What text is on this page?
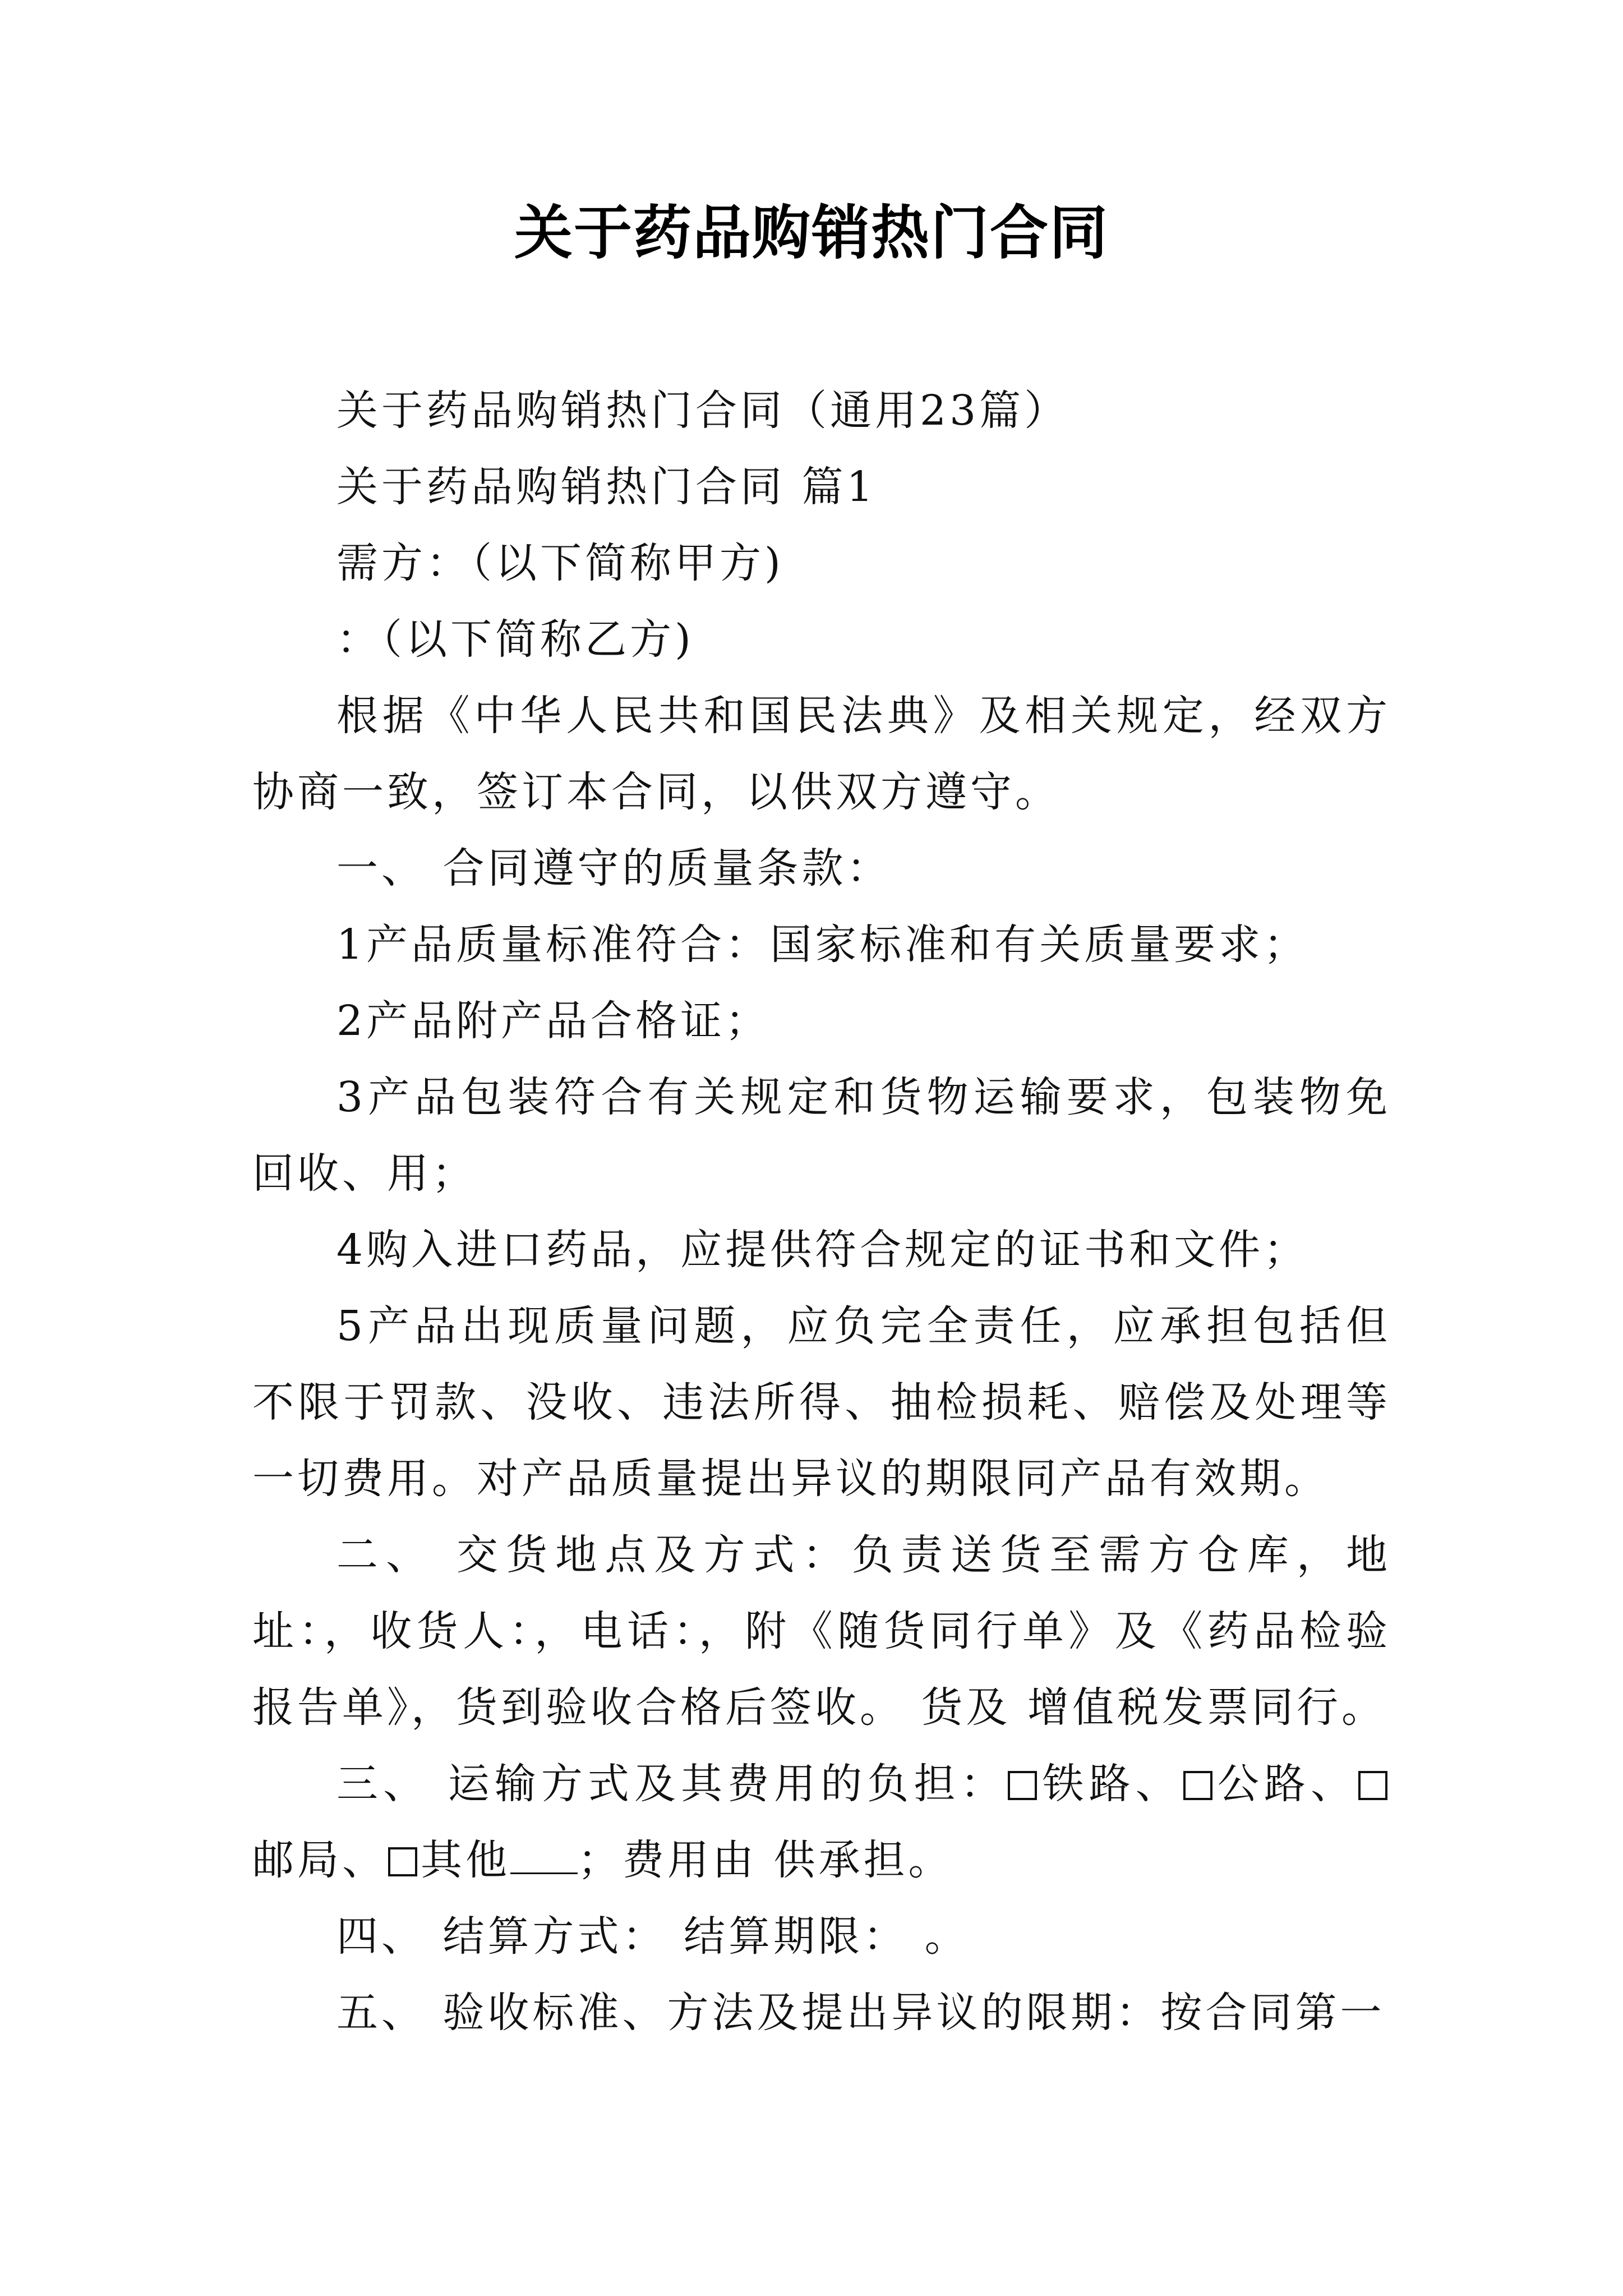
关于药品购销热门合同

关于药品购销热门合同（通用23篇）

关于药品购销热门合同 篇1

需方：（以下简称甲方)

：（以下简称乙方)

根据《中华人民共和国民法典》及相关规定，经双方协商一致，签订本合同，以供双方遵守。

一、 合同遵守的质量条款：

1产品质量标准符合：国家标准和有关质量要求；

2产品附产品合格证；

3产品包装符合有关规定和货物运输要求，包装物免回收、用；

4购入进口药品，应提供符合规定的证书和文件；

5产品出现质量问题，应负完全责任，应承担包括但不限于罚款、没收、违法所得、抽检损耗、赔偿及处理等一切费用。对产品质量提出异议的期限同产品有效期。

二、 交货地点及方式：负责送货至需方仓库，地址：，收货人：，电话：，附《随货同行单》及《药品检验报告单》，货到验收合格后签收。 货及 增值税发票同行。

三、 运输方式及其费用的负担： 铁路、 公路、邮局、 其他 ；费用由 供承担。

四、 结算方式： 结算期限： 。

五、 验收标准、方法及提出异议的限期：按合同第一
